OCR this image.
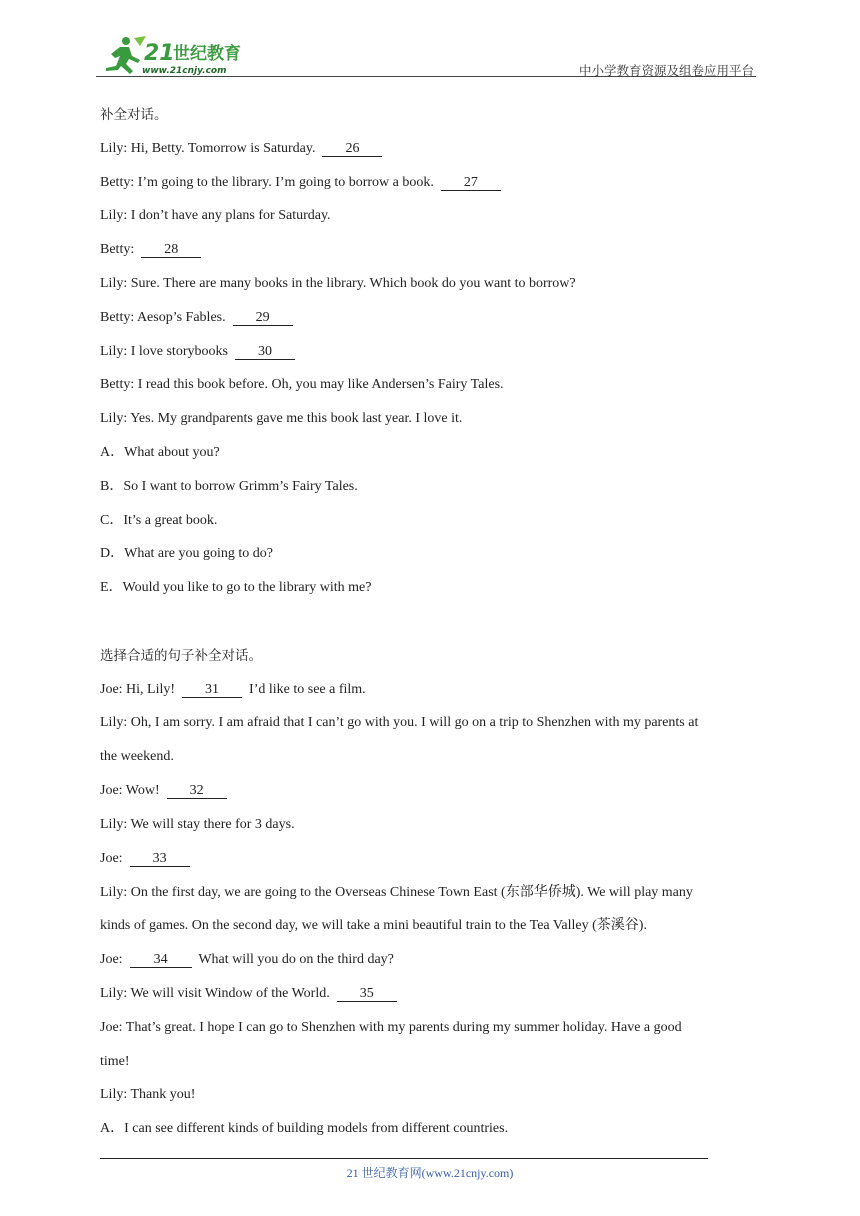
21
世纪教育
www.21cnjy.com	中小学教育资源及组卷应用平台
补全对话。
Lily: Hi, Betty. Tomorrow is Saturday. 26
Betty: I’m going to the library. I’m going to borrow a book. 27
Lily: I don’t have any plans for Saturday.
Betty: 28
Lily: Sure. There are many books in the library. Which book do you want to borrow?
Betty: Aesop’s Fables. 29
Lily: I love storybooks 30
Betty: I read this book before. Oh, you may like Andersen’s Fairy Tales.
Lily: Yes. My grandparents gave me this book last year. I love it.
A．What about you?
B．So I want to borrow Grimm’s Fairy Tales.
C．It’s a great book.
D．What are you going to do?
E．Would you like to go to the library with me?
选择合适的句子补全对话。
Joe: Hi, Lily! 31 I’d like to see a film.
Lily: Oh, I am sorry. I am afraid that I can’t go with you. I will go on a trip to Shenzhen with my parents at
the weekend.
Joe: Wow! 32
Lily: We will stay there for 3 days.
Joe: 33
Lily: On the first day, we are going to the Overseas Chinese Town East (东部华侨城). We will play many
kinds of games. On the second day, we will take a mini beautiful train to the Tea Valley (茶溪谷).
Joe: 34 What will you do on the third day?
Lily: We will visit Window of the World. 35
Joe: That’s great. I hope I can go to Shenzhen with my parents during my summer holiday. Have a good
time!
Lily: Thank you!
A．I can see different kinds of building models from different countries.
21 世纪教育网(www.21cnjy.com)
